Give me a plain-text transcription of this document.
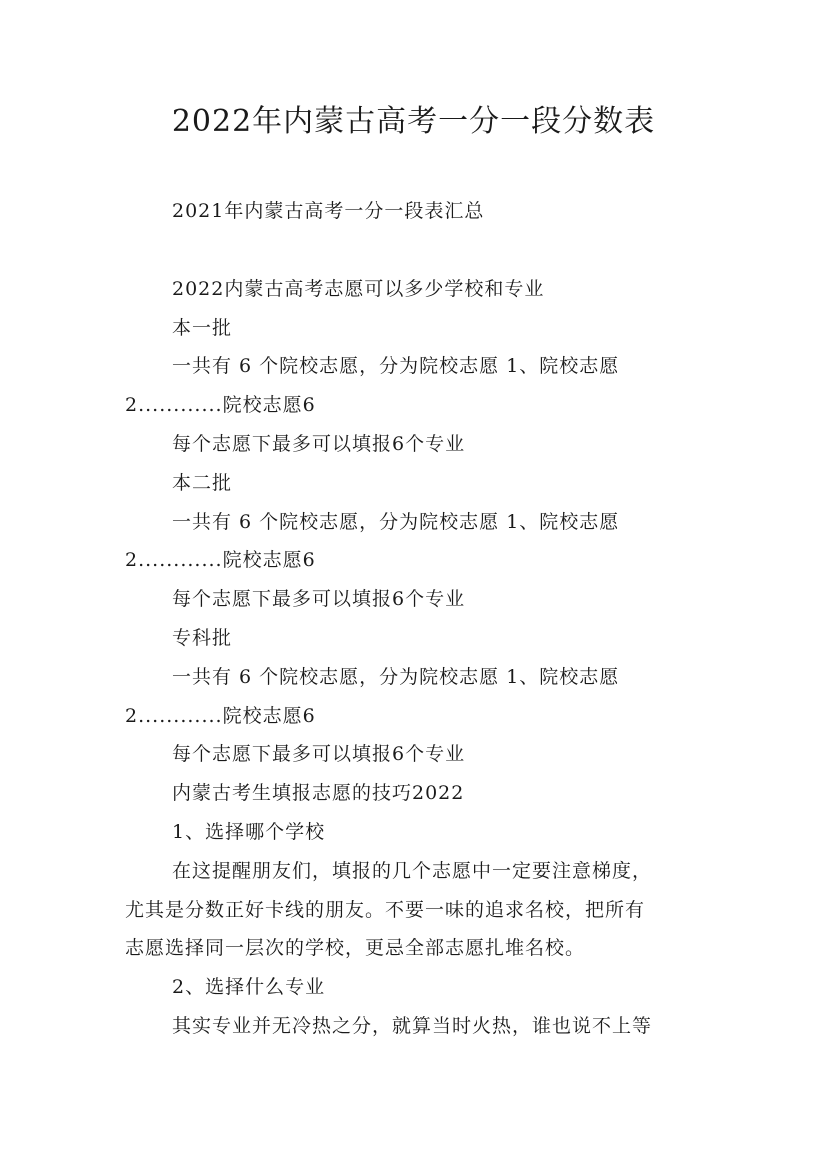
2022年内蒙古高考一分一段分数表
2021年内蒙古高考一分一段表汇总
2022内蒙古高考志愿可以多少学校和专业
本一批
一共有 6 个院校志愿，分为院校志愿 1、院校志愿
2............院校志愿6
每个志愿下最多可以填报6个专业
本二批
一共有 6 个院校志愿，分为院校志愿 1、院校志愿
2............院校志愿6
每个志愿下最多可以填报6个专业
专科批
一共有 6 个院校志愿，分为院校志愿 1、院校志愿
2............院校志愿6
每个志愿下最多可以填报6个专业
内蒙古考生填报志愿的技巧2022
1、选择哪个学校
在这提醒朋友们，填报的几个志愿中一定要注意梯度，
尤其是分数正好卡线的朋友。不要一味的追求名校，把所有
志愿选择同一层次的学校，更忌全部志愿扎堆名校。
2、选择什么专业
其实专业并无冷热之分，就算当时火热，谁也说不上等
